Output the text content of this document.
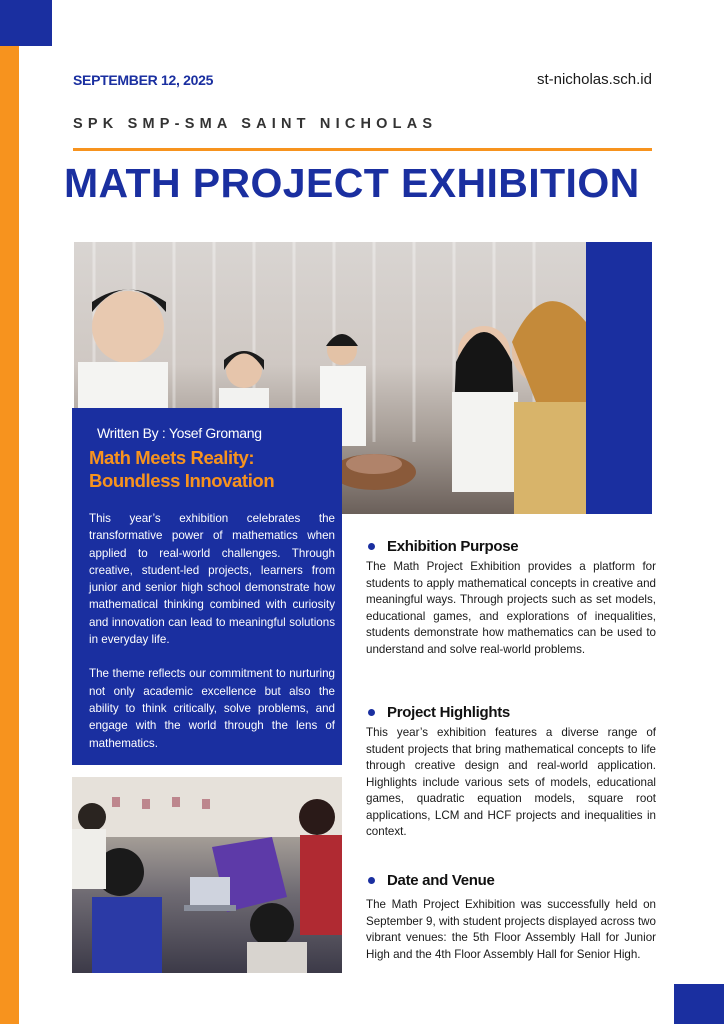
SEPTEMBER 12, 2025	st-nicholas.sch.id
SPK SMP-SMA SAINT NICHOLAS
MATH PROJECT EXHIBITION
Written By : Yosef Gromang
Math Meets Reality: Boundless Innovation

This year’s exhibition celebrates the transformative power of mathematics when applied to real-world challenges. Through creative, student-led projects, learners from junior and senior high school demonstrate how mathematical thinking combined with curiosity and innovation can lead to meaningful solutions in everyday life.

The theme reflects our commitment to nurturing not only academic excellence but also the ability to think critically, solve problems, and engage with the world through the lens of mathematics.

Exhibition Purpose
The Math Project Exhibition provides a platform for students to apply mathematical concepts in creative and meaningful ways. Through projects such as set models, educational games, and explorations of inequalities, students demonstrate how mathematics can be used to understand and solve real-world problems.
Project Highlights
This year’s exhibition features a diverse range of student projects that bring mathematical concepts to life through creative design and real-world application. Highlights include various sets of models, educational games, quadratic equation models, square root applications, LCM and HCF projects and inequalities in context.
Date and Venue
The Math Project Exhibition was successfully held on September 9, with student projects displayed across two vibrant venues: the 5th Floor Assembly Hall for Junior High and the 4th Floor Assembly Hall for Senior High.
